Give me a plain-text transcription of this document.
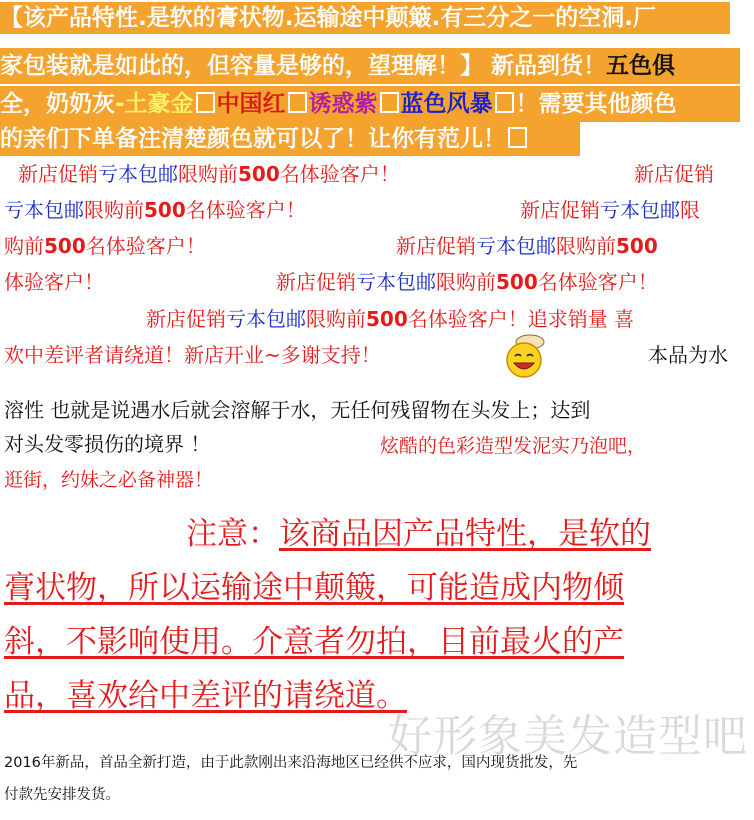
【该产品特性.是软的膏状物.运输途中颠簸.有三分之一的空洞.厂
家包装就是如此的，但容量是够的，望理解！】 新品到货！五色俱
全，奶奶灰-土豪金 中国红 诱惑紫 蓝色风暴 ！需要其他颜色
的亲们下单备注清楚颜色就可以了！让你有范儿！
新店促销亏本包邮限购前500名体验客户！	新店促销
亏本包邮限购前500名体验客户！	新店促销亏本包邮限
购前500名体验客户！	新店促销亏本包邮限购前500
体验客户！	新店促销亏本包邮限购前500名体验客户！
新店促销亏本包邮限购前500名体验客户！追求销量 喜
欢中差评者请绕道！新店开业~多谢支持！	本品为水
溶性 也就是说遇水后就会溶解于水，无任何残留物在头发上；达到
对头发零损伤的境界 ！	炫酷的色彩造型发泥实乃泡吧，
逛街，约妹之必备神器！
注意：该商品因产品特性，是软的
膏状物，所以运输途中颠簸，可能造成内物倾
斜，不影响使用。介意者勿拍，目前最火的产
品，喜欢给中差评的请绕道。
好形象美发造型吧
2016年新品，首品全新打造，由于此款刚出来沿海地区已经供不应求，国内现货批发，先
付款先安排发货。
